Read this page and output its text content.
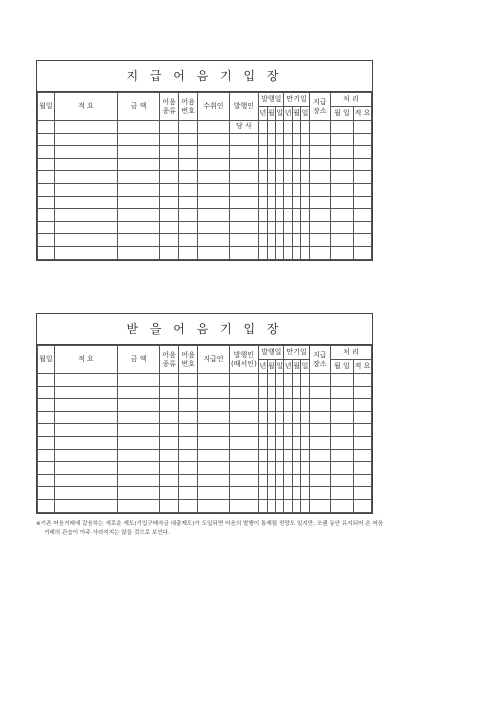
지 급 어 음 기 입 장
월일	적 요	금 액	어음종류	어음번호	수취인	발행인	발행일			만기일			지급장소	처 리	
							년	월	일	년	월	일		월 일	적 요
						당 사									

받 을 어 음 기 입 장
월일	적 요	금 액	어음종류	어음번호	지급인	발행인(배서인)	발행일			만기일			지급장소	처 리	
							년	월	일	년	월	일		월 일	적 요

※기존 어음거래에 갈음하는 새로운 제도(기업구매자금 대출제도)가 도입되면 어음의 발행이 통제될 전망도 있지만, 오랜 동안 유지되어 온 어음
거래의 관습이 아주 사라지지는 않을 것으로 보인다.
